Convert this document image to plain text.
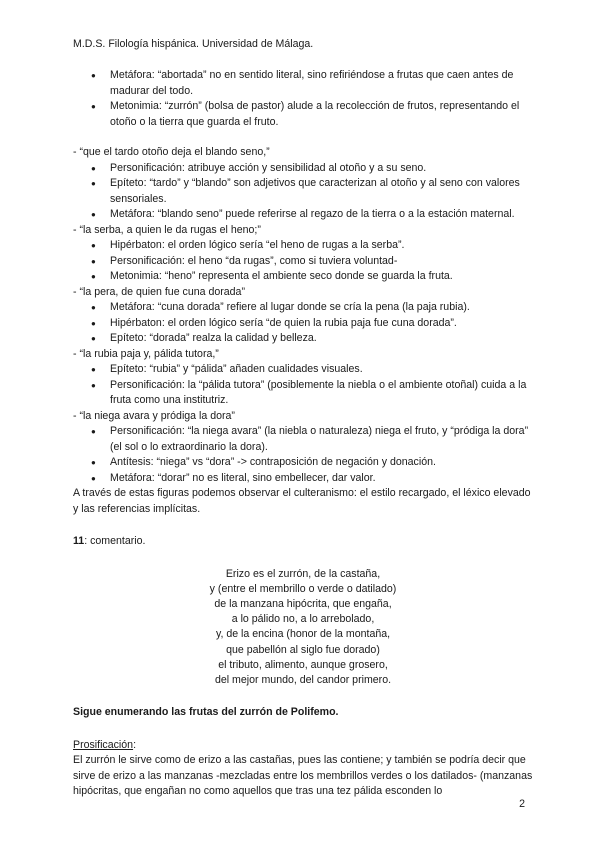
M.D.S. Filología hispánica. Universidad de Málaga.
● Metáfora: “abortada” no en sentido literal, sino refiriéndose a frutas que caen antes de madurar del todo.
● Metonimia: “zurrón” (bolsa de pastor) alude a la recolección de frutos, representando el otoño o la tierra que guarda el fruto.

- “que el tardo otoño deja el blando seno,”

● Personificación: atribuye acción y sensibilidad al otoño y a su seno.
● Epíteto: “tardo” y “blando” son adjetivos que caracterizan al otoño y al seno con valores sensoriales.
● Metáfora: “blando seno” puede referirse al regazo de la tierra o a la estación maternal.

- “la serba, a quien le da rugas el heno;”

● Hipérbaton: el orden lógico sería “el heno de rugas a la serba”.
● Personificación: el heno “da rugas”, como si tuviera voluntad-
● Metonimia: “heno” representa el ambiente seco donde se guarda la fruta.

- “la pera, de quien fue cuna dorada”

● Metáfora: “cuna dorada” refiere al lugar donde se cría la pena (la paja rubia).
● Hipérbaton: el orden lógico sería “de quien la rubia paja fue cuna dorada”.
● Epíteto: “dorada” realza la calidad y belleza.

- “la rubia paja y, pálida tutora,”

● Epíteto: “rubia” y “pálida” añaden cualidades visuales.
● Personificación: la “pálida tutora” (posiblemente la niebla o el ambiente otoñal) cuida a la fruta como una institutriz.

- “la niega avara y pródiga la dora”

● Personificación: “la niega avara” (la niebla o naturaleza) niega el fruto, y “pródiga la dora” (el sol o lo extraordinario la dora).
● Antítesis: “niega” vs “dora” -> contraposición de negación y donación.
● Metáfora: “dorar” no es literal, sino embellecer, dar valor.

A través de estas figuras podemos observar el culteranismo: el estilo recargado, el léxico elevado y las referencias implícitas.

11: comentario.

Erizo es el zurrón, de la castaña,
y (entre el membrillo o verde o datilado)
de la manzana hipócrita, que engaña,
a lo pálido no, a lo arrebolado,
y, de la encina (honor de la montaña,
que pabellón al siglo fue dorado)
el tributo, alimento, aunque grosero,
del mejor mundo, del candor primero.

Sigue enumerando las frutas del zurrón de Polifemo.

Prosificación:

El zurrón le sirve como de erizo a las castañas, pues las contiene; y también se podría decir que sirve de erizo a las manzanas -mezcladas entre los membrillos verdes o los datilados- (manzanas hipócritas, que engañan no como aquellos que tras una tez pálida esconden lo

2
